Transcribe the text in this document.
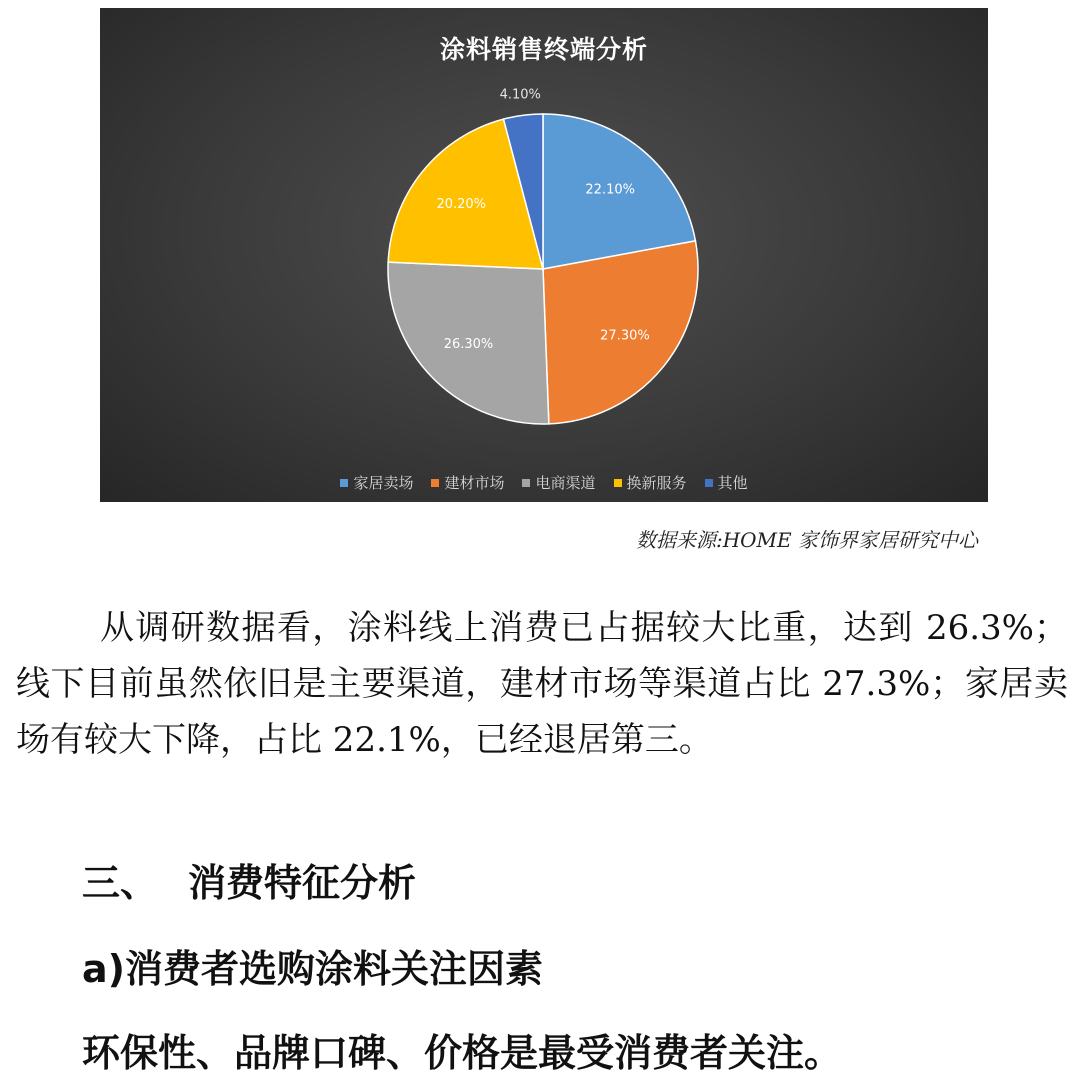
涂料销售终端分析
22.10%
27.30%
26.30%
20.20%
4.10%
家居卖场 建材市场 电商渠道 换新服务 其他
数据来源:HOME 家饰界家居研究中心

从调研数据看，涂料线上消费已占据较大比重，达到 26.3%；线下目前虽然依旧是主要渠道，建材市场等渠道占比 27.3%；家居卖场有较大下降，占比 22.1%，已经退居第三。

三、 消费特征分析
a)消费者选购涂料关注因素

环保性、品牌口碑、价格是最受消费者关注。
